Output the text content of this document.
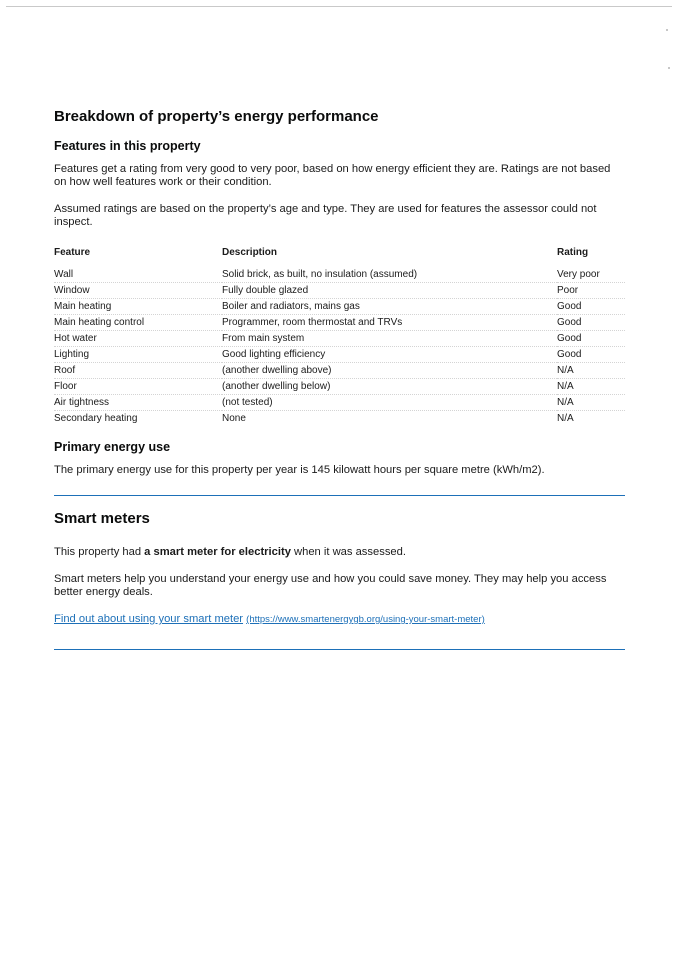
Breakdown of property’s energy performance
Features in this property

Features get a rating from very good to very poor, based on how energy efficient they are. Ratings are not based on how well features work or their condition.

Assumed ratings are based on the property’s age and type. They are used for features the assessor could not inspect.

Feature	Description	Rating
Wall	Solid brick, as built, no insulation (assumed)	Very poor
Window	Fully double glazed	Poor
Main heating	Boiler and radiators, mains gas	Good
Main heating control	Programmer, room thermostat and TRVs	Good
Hot water	From main system	Good
Lighting	Good lighting efficiency	Good
Roof	(another dwelling above)	N/A
Floor	(another dwelling below)	N/A
Air tightness	(not tested)	N/A
Secondary heating	None	N/A
Primary energy use

The primary energy use for this property per year is 145 kilowatt hours per square metre (kWh/m2).

Smart meters

This property had a smart meter for electricity when it was assessed.

Smart meters help you understand your energy use and how you could save money. They may help you access better energy deals.

Find out about using your smart meter (https://www.smartenergygb.org/using-your-smart-meter)
